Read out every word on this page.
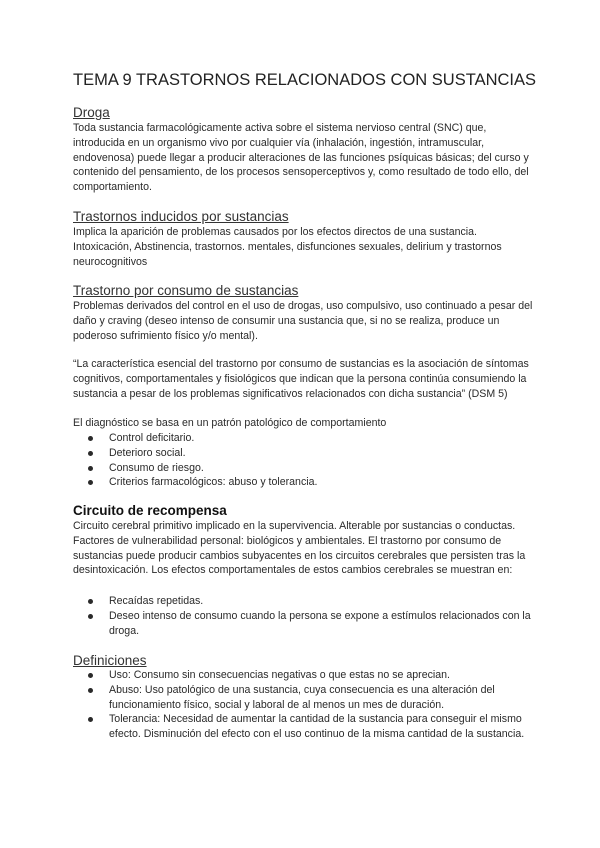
TEMA 9 TRASTORNOS RELACIONADOS CON SUSTANCIAS
Droga
Toda sustancia farmacológicamente activa sobre el sistema nervioso central (SNC) que, introducida en un organismo vivo por cualquier vía (inhalación, ingestión, intramuscular, endovenosa) puede llegar a producir alteraciones de las funciones psíquicas básicas; del curso y contenido del pensamiento, de los procesos sensoperceptivos y, como resultado de todo ello, del comportamiento.
Trastornos inducidos por sustancias
Implica la aparición de problemas causados por los efectos directos de una sustancia. Intoxicación, Abstinencia, trastornos. mentales, disfunciones sexuales, delirium y trastornos neurocognitivos
Trastorno por consumo de sustancias
Problemas derivados del control en el uso de drogas, uso compulsivo, uso continuado a pesar del daño y craving (deseo intenso de consumir una sustancia que, si no se realiza, produce un poderoso sufrimiento físico y/o mental).
“La característica esencial del trastorno por consumo de sustancias es la asociación de síntomas cognitivos, comportamentales y fisiológicos que indican que la persona continúa consumiendo la sustancia a pesar de los problemas significativos relacionados con dicha sustancia” (DSM 5)
El diagnóstico se basa en un patrón patológico de comportamiento
Control deficitario.
Deterioro social.
Consumo de riesgo.
Criterios farmacológicos: abuso y tolerancia.
Circuito de recompensa
Circuito cerebral primitivo implicado en la supervivencia. Alterable por sustancias o conductas. Factores de vulnerabilidad personal: biológicos y ambientales. El trastorno por consumo de sustancias puede producir cambios subyacentes en los circuitos cerebrales que persisten tras la desintoxicación. Los efectos comportamentales de estos cambios cerebrales se muestran en:
Recaídas repetidas.
Deseo intenso de consumo cuando la persona se expone a estímulos relacionados con la droga.
Definiciones
Uso: Consumo sin consecuencias negativas o que estas no se aprecian.
Abuso: Uso patológico de una sustancia, cuya consecuencia es una alteración del funcionamiento físico, social y laboral de al menos un mes de duración.
Tolerancia: Necesidad de aumentar la cantidad de la sustancia para conseguir el mismo efecto. Disminución del efecto con el uso continuo de la misma cantidad de la sustancia.
